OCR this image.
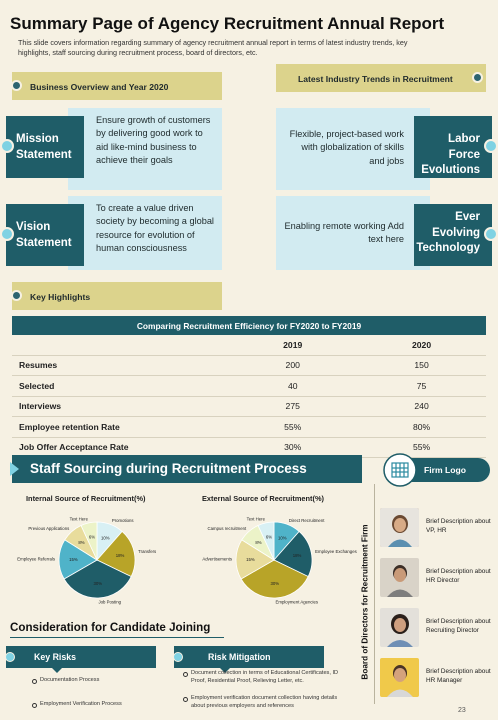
Summary Page of Agency Recruitment Annual Report
This slide covers information regarding summary of agency recruitment annual report in terms of latest industry trends, key highlights, staff sourcing during recruitment process, board of directors, etc.
Business Overview and Year 2020
Latest Industry Trends in Recruitment
Ensure growth of customers by delivering good work to aid like-mind business to achieve their goals
To create a value driven society by becoming a global resource for evolution of human consciousness
Mission Statement
Vision Statement
Flexible, project-based work with globalization of skills and jobs
Enabling remote working Add text here
Labor Force Evolutions
Ever Evolving Technology
Key Highlights
Comparing Recruitment Efficiency for FY2020 to FY2019		
	2019	2020
Resumes	200	150
Selected	40	75
Interviews	275	240
Employee retention Rate	55%	80%
Job Offer Acceptance Rate	30%	55%
Staff Sourcing during Recruitment Process	Firm Logo
Internal Source of Recruitment(%)	External Source of Recruitment(%)
10%
Promotions
18%
Transfers
30%
Job Posting
15%
Employee Referrals
8%
Previous Applications
6%
Text Here
10%
Direct Recruitment
18%
Employee Exchanges
30%
Employment Agencies
15%
Advertisements
8%
Campus recruitment
6%
Text Here
Board of Directors for Recruitment Firm
Brief Description about VP, HR
Brief Description about HR Director
Brief Description about Recruiting Director
Brief Description about HR Manager
Consideration for Candidate Joining
Key Risks
Documentation Process
Employment Verification Process
Risk Mitigation
Document collection in terms of Educational Certificates, ID Proof, Residential Proof, Relieving Letter, etc.
Employment verification document collection having details about previous employers and references
23
